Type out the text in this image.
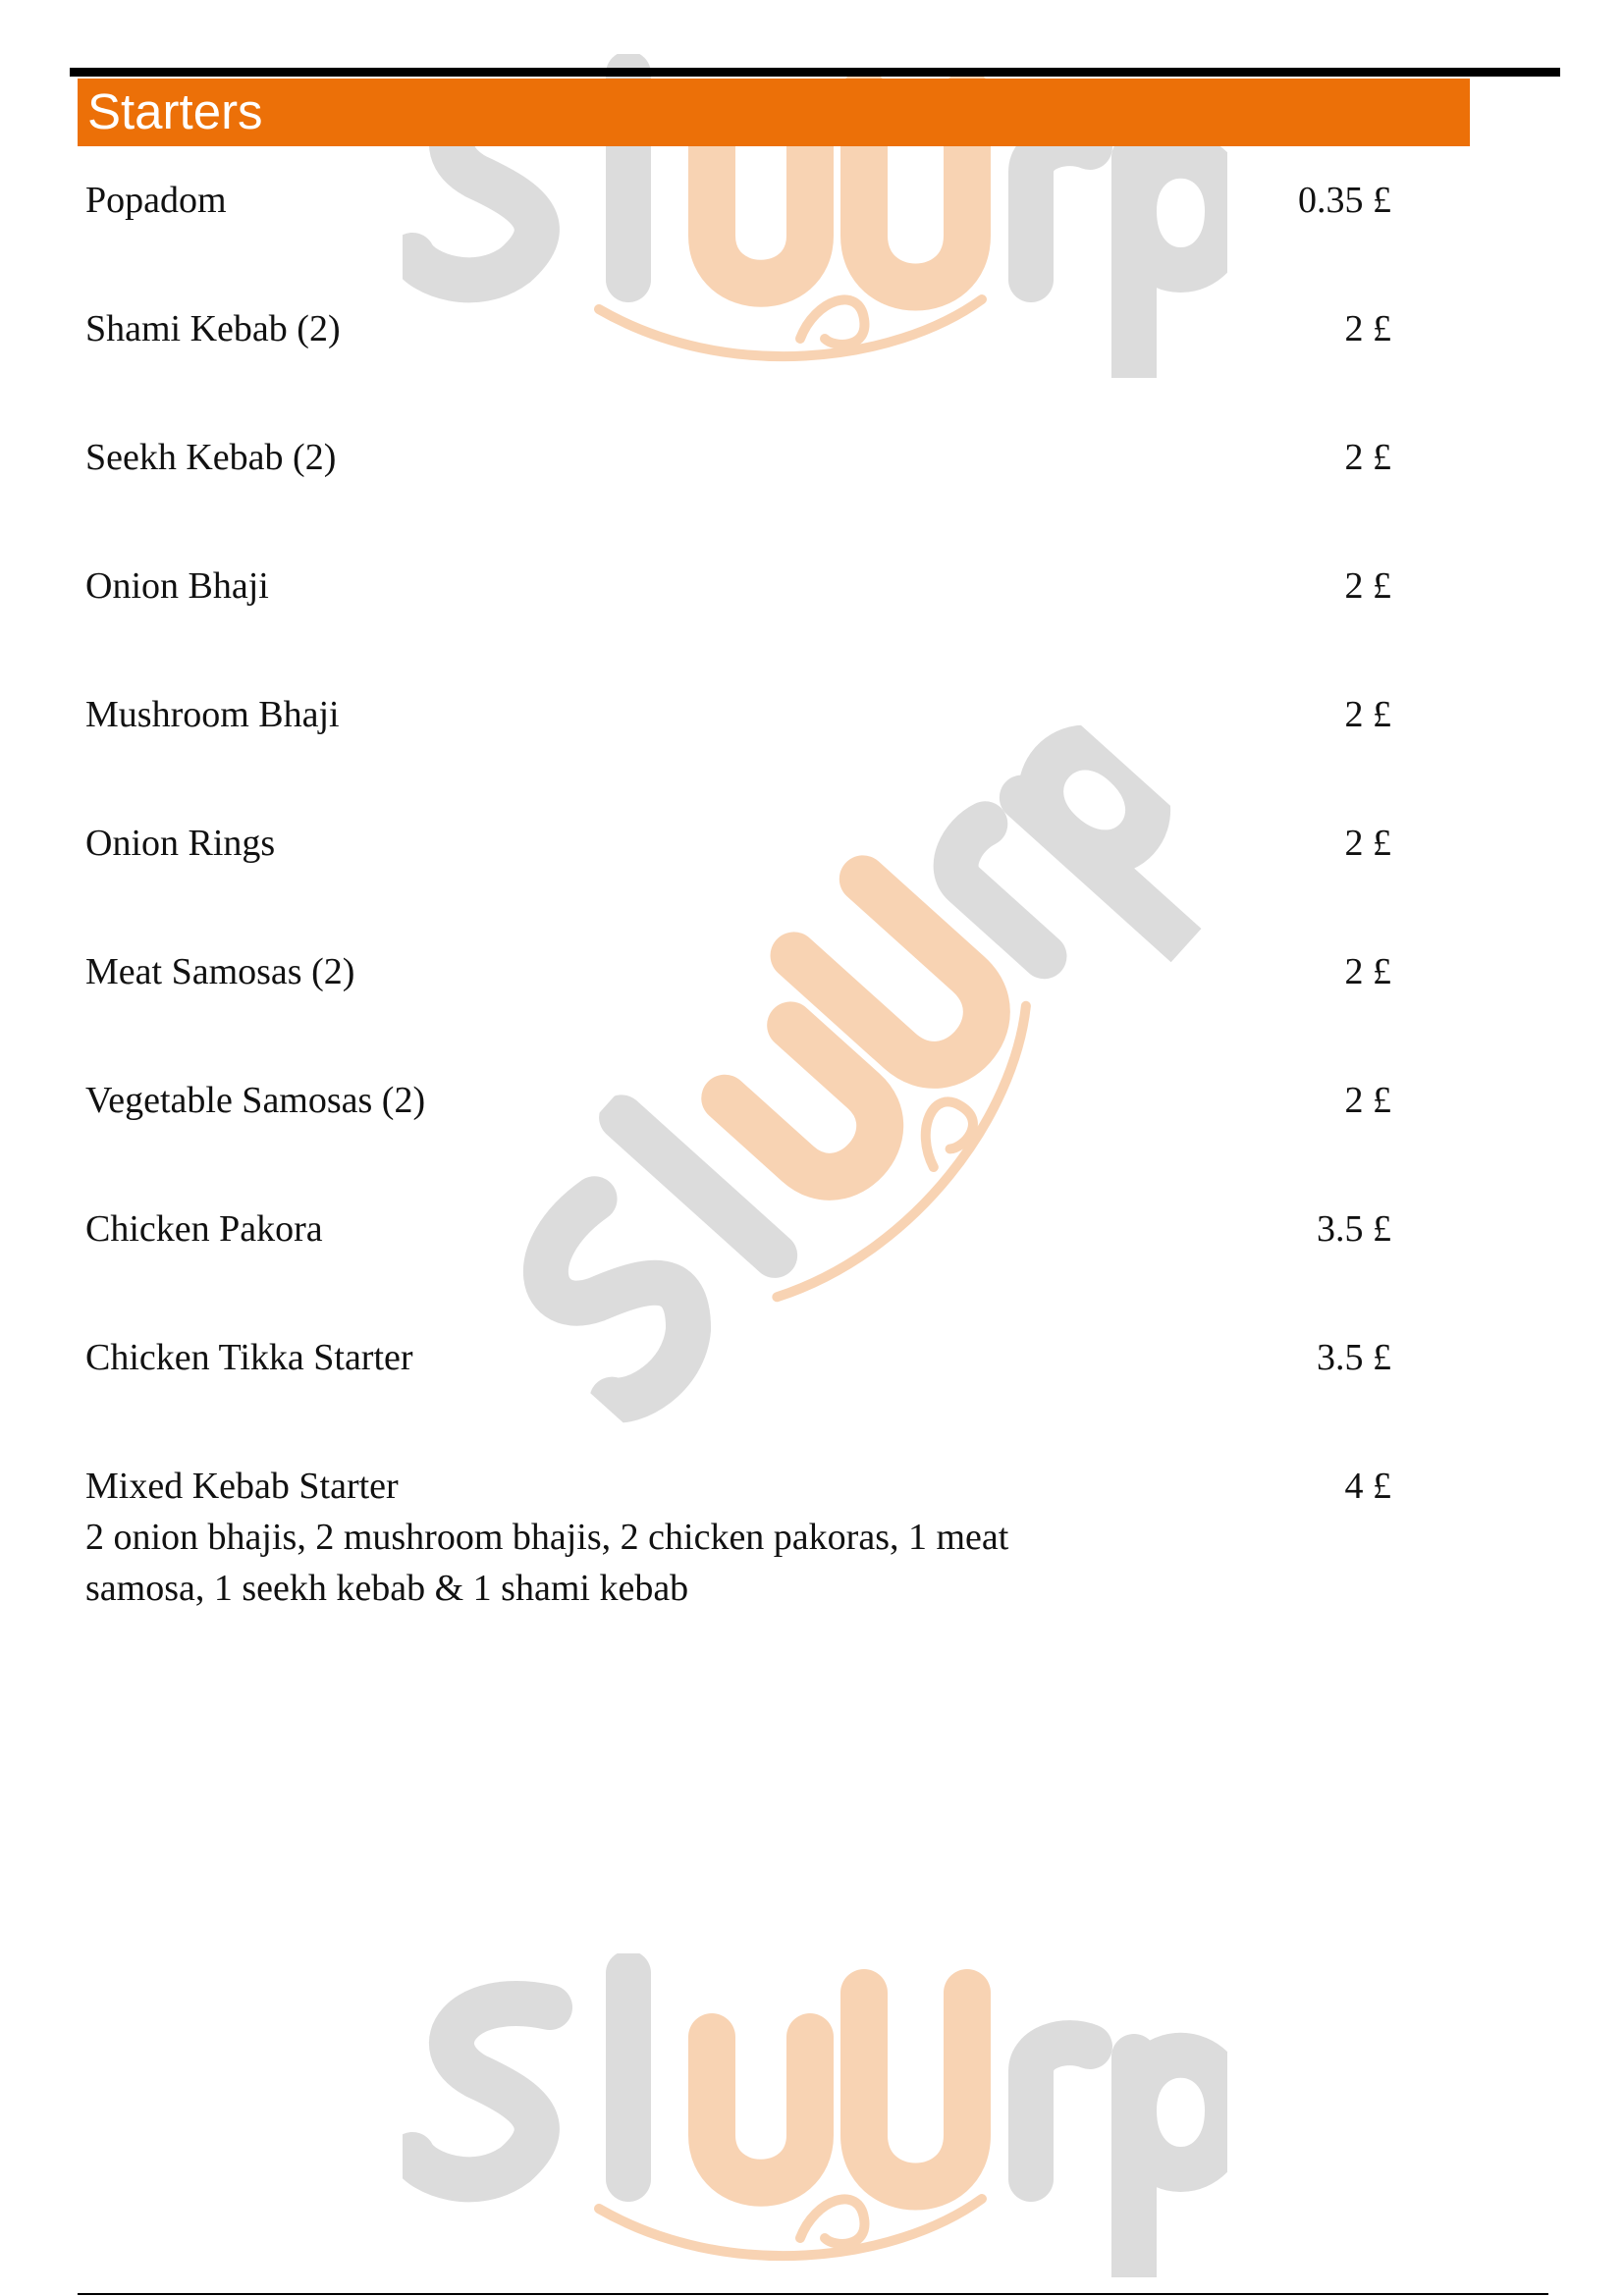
Starters
Popadom	0.35 £
Shami Kebab (2)	2 £
Seekh Kebab (2)	2 £
Onion Bhaji	2 £
Mushroom Bhaji	2 £
Onion Rings	2 £
Meat Samosas (2)	2 £
Vegetable Samosas (2)	2 £
Chicken Pakora	3.5 £
Chicken Tikka Starter	3.5 £
Mixed Kebab Starter	4 £
2 onion bhajis, 2 mushroom bhajis, 2 chicken pakoras, 1 meat samosa, 1 seekh kebab & 1 shami kebab
